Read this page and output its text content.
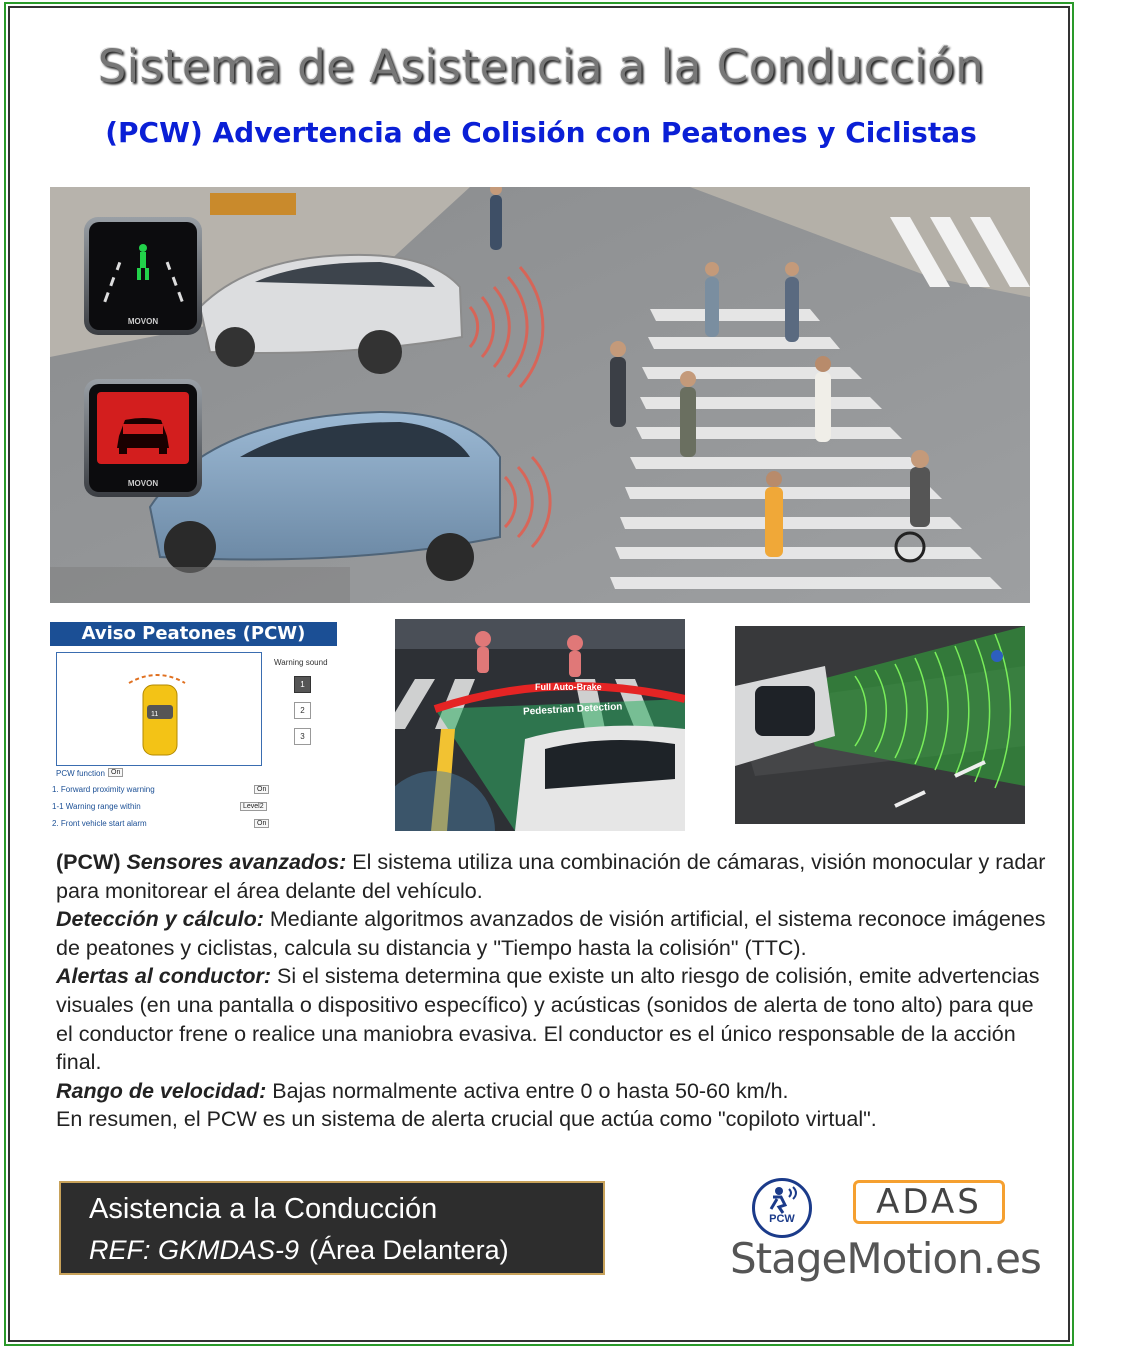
Sistema de Asistencia a la Conducción
(PCW) Advertencia de Colisión con Peatones y Ciclistas
MOVON
MOVON
Aviso Peatones (PCW)
11
Warning sound
1
2
3
PCW function On
1. Forward proximity warning	On
1-1 Warning range within	Level2
2. Front vehicle start alarm	On
Full Auto-Brake
Pedestrian Detection

(PCW) Sensores avanzados: El sistema utiliza una combinación de cámaras, visión monocular y radar para monitorear el área delante del vehículo.

Detección y cálculo: Mediante algoritmos avanzados de visión artificial, el sistema reconoce imágenes de peatones y ciclistas, calcula su distancia y "Tiempo hasta la colisión" (TTC).

Alertas al conductor: Si el sistema determina que existe un alto riesgo de colisión, emite advertencias visuales (en una pantalla o dispositivo específico) y acústicas (sonidos de alerta de tono alto) para que el conductor frene o realice una maniobra evasiva. El conductor es el único responsable de la acción final.

Rango de velocidad: Bajas normalmente activa entre 0 o hasta 50-60 km/h.

En resumen, el PCW es un sistema de alerta crucial que actúa como "copiloto virtual".

Asistencia a la Conducción
REF: GKMDAS-9 (Área Delantera)
PCW	ADAS
StageMotion.es
